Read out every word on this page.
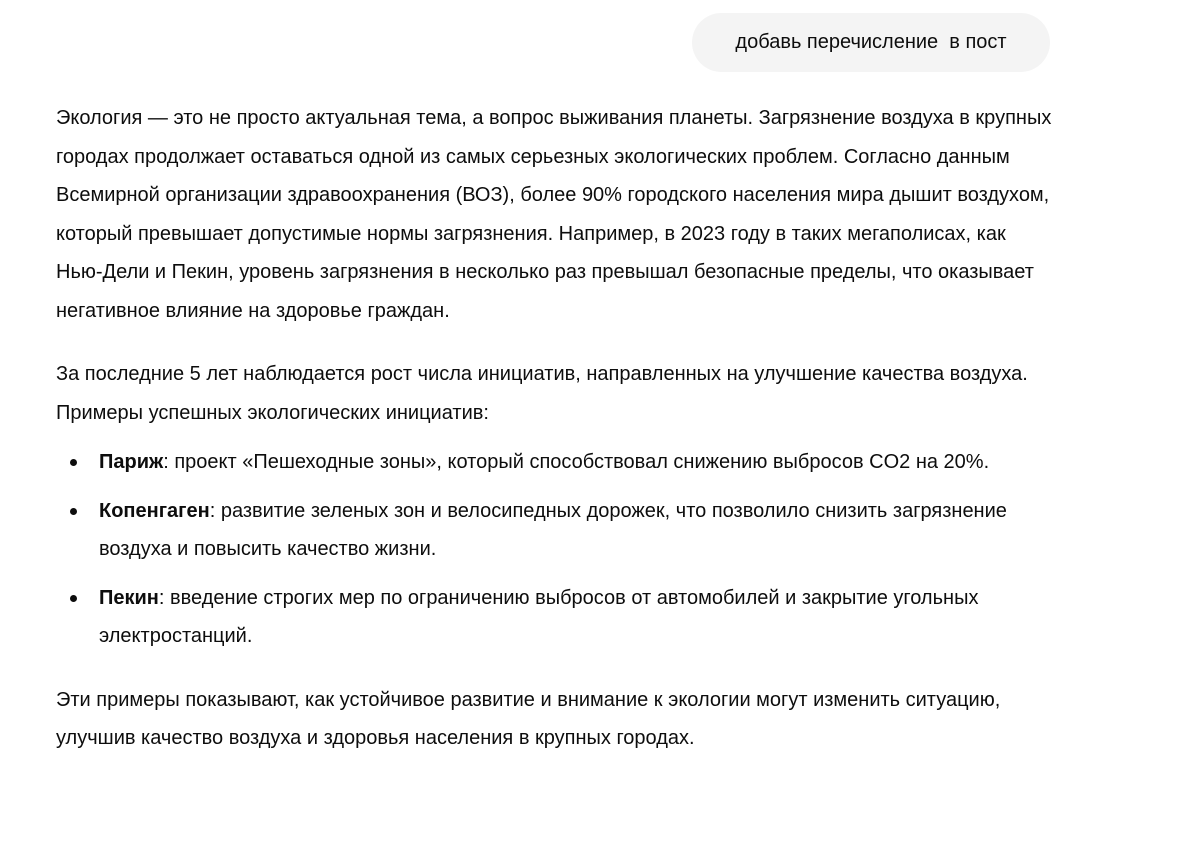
добавь перечисление  в пост

Экология — это не просто актуальная тема, а вопрос выживания планеты. Загрязнение воздуха в крупных городах продолжает оставаться одной из самых серьезных экологических проблем. Согласно данным Всемирной организации здравоохранения (ВОЗ), более 90% городского населения мира дышит воздухом, который превышает допустимые нормы загрязнения. Например, в 2023 году в таких мегаполисах, как Нью-Дели и Пекин, уровень загрязнения в несколько раз превышал безопасные пределы, что оказывает негативное влияние на здоровье граждан.

За последние 5 лет наблюдается рост числа инициатив, направленных на улучшение качества воздуха. Примеры успешных экологических инициатив:

Париж: проект «Пешеходные зоны», который способствовал снижению выбросов CO2 на 20%.
Копенгаген: развитие зеленых зон и велосипедных дорожек, что позволило снизить загрязнение воздуха и повысить качество жизни.
Пекин: введение строгих мер по ограничению выбросов от автомобилей и закрытие угольных электростанций.

Эти примеры показывают, как устойчивое развитие и внимание к экологии могут изменить ситуацию, улучшив качество воздуха и здоровья населения в крупных городах.
